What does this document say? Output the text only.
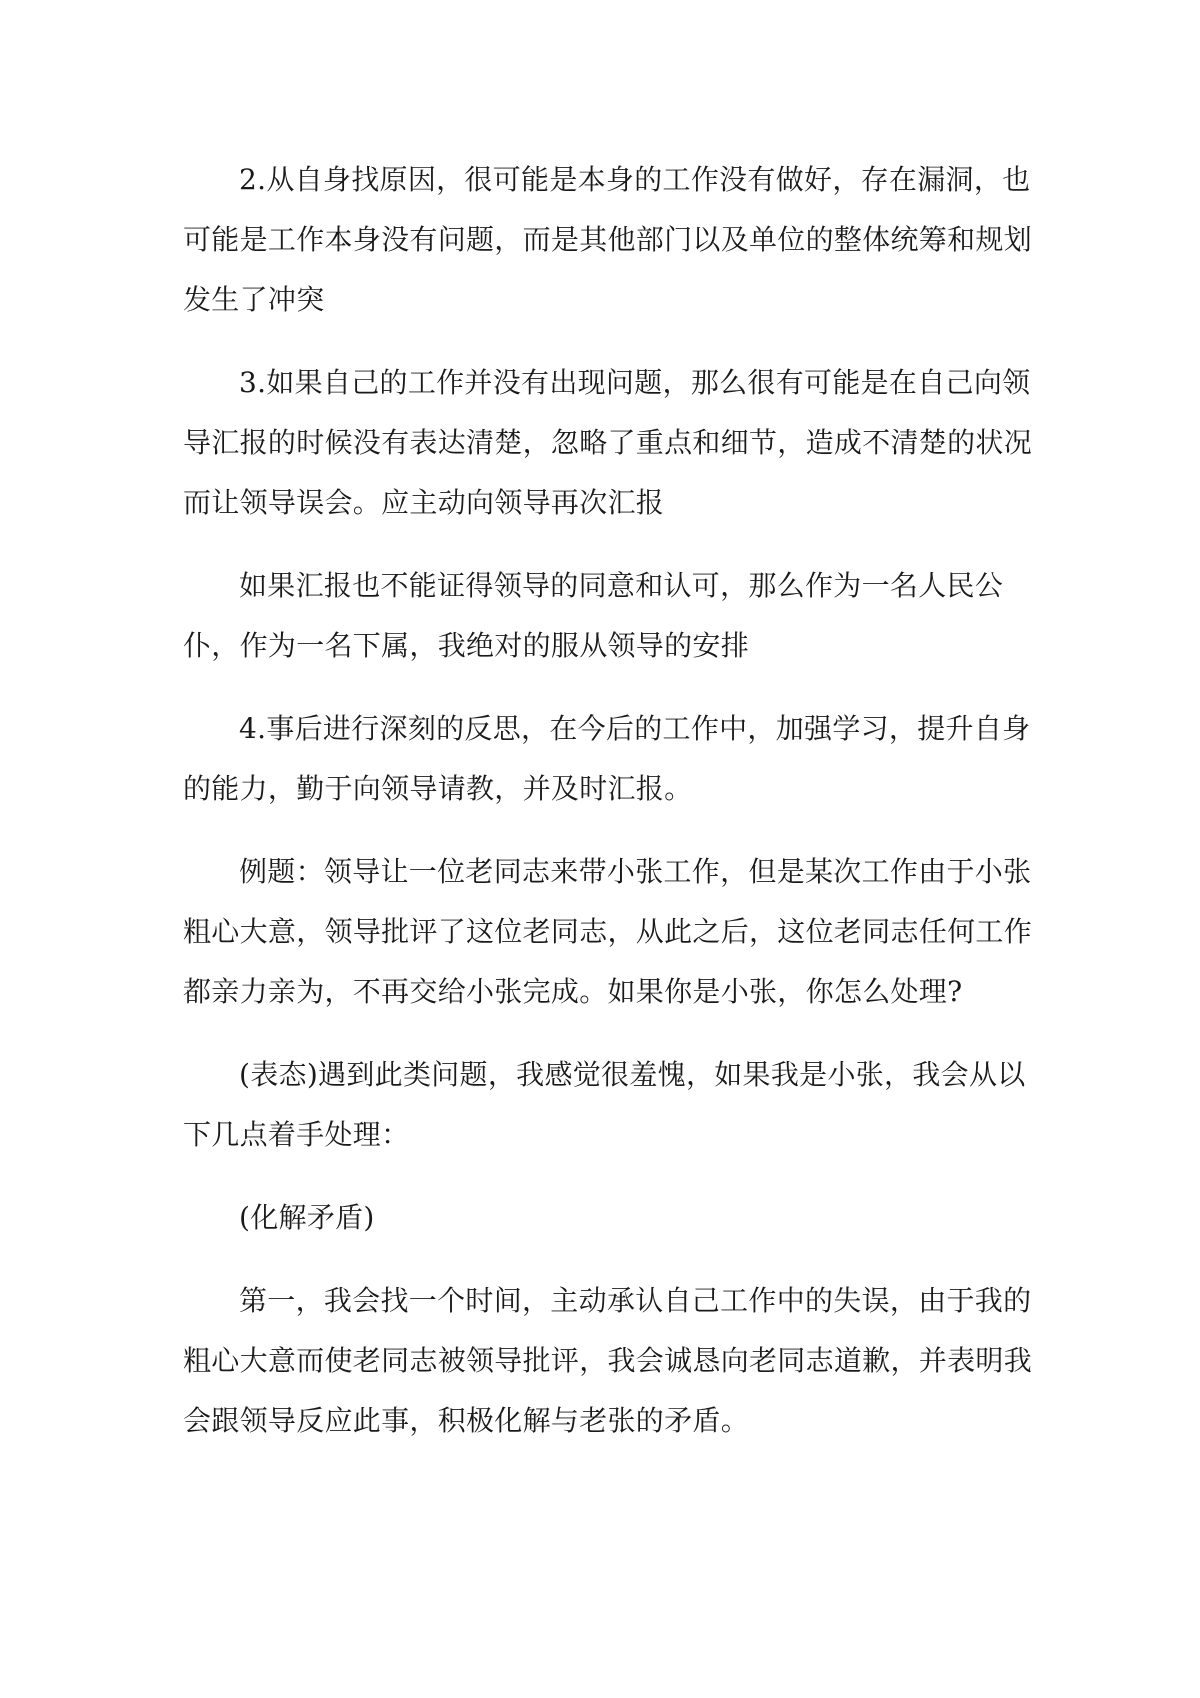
2.从自身找原因，很可能是本身的工作没有做好，存在漏洞，也
可能是工作本身没有问题，而是其他部门以及单位的整体统筹和规划
发生了冲突

3.如果自己的工作并没有出现问题，那么很有可能是在自己向领
导汇报的时候没有表达清楚，忽略了重点和细节，造成不清楚的状况
而让领导误会。应主动向领导再次汇报

如果汇报也不能证得领导的同意和认可，那么作为一名人民公
仆，作为一名下属，我绝对的服从领导的安排

4.事后进行深刻的反思，在今后的工作中，加强学习，提升自身
的能力，勤于向领导请教，并及时汇报。

例题：领导让一位老同志来带小张工作，但是某次工作由于小张
粗心大意，领导批评了这位老同志，从此之后，这位老同志任何工作
都亲力亲为，不再交给小张完成。如果你是小张，你怎么处理?

(表态)遇到此类问题，我感觉很羞愧，如果我是小张，我会从以
下几点着手处理：

(化解矛盾)

第一，我会找一个时间，主动承认自己工作中的失误，由于我的
粗心大意而使老同志被领导批评，我会诚恳向老同志道歉，并表明我
会跟领导反应此事，积极化解与老张的矛盾。
